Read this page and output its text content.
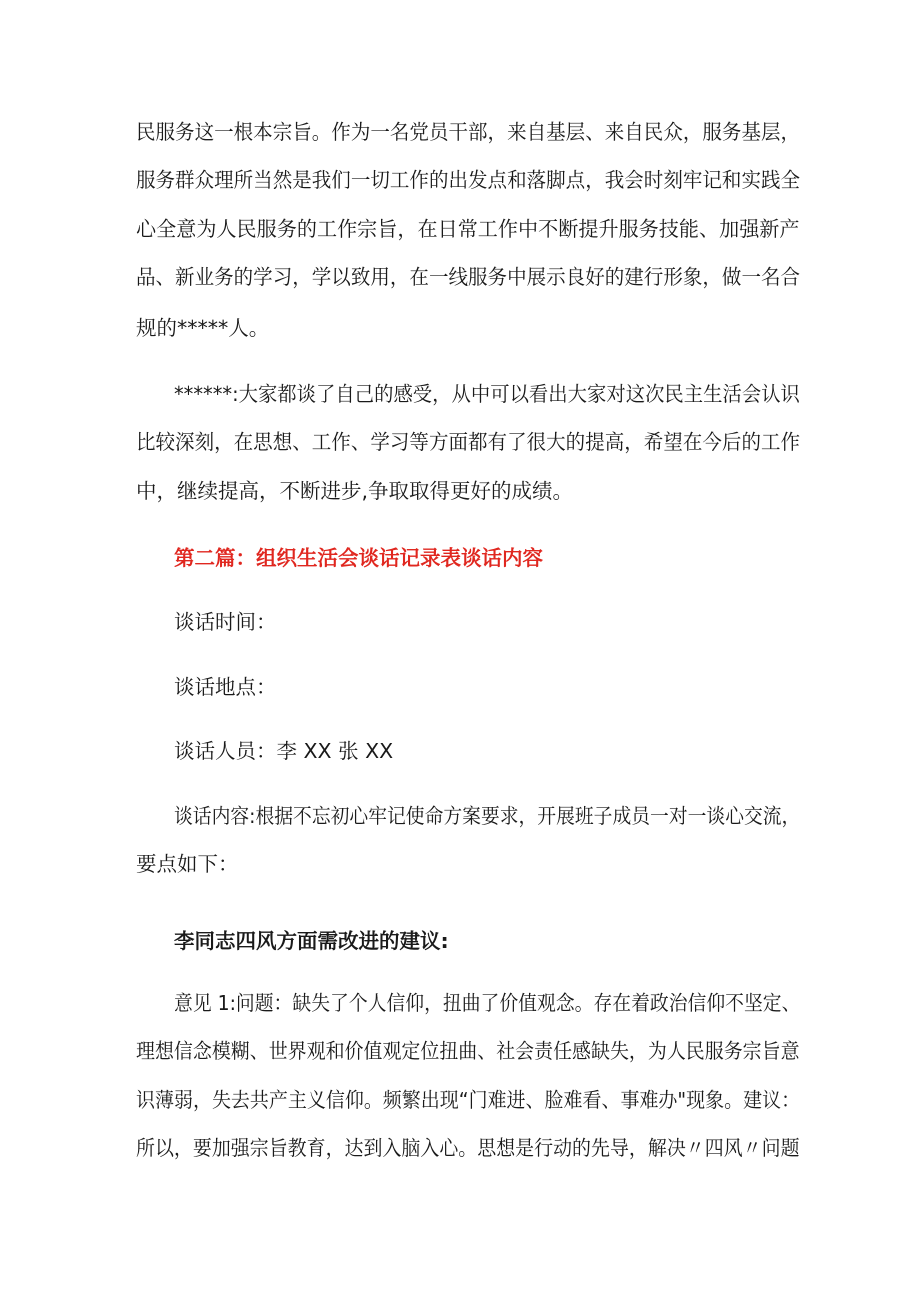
民服务这一根本宗旨。作为一名党员干部，来自基层、来自民众，服务基层，
服务群众理所当然是我们一切工作的出发点和落脚点，我会时刻牢记和实践全
心全意为人民服务的工作宗旨，在日常工作中不断提升服务技能、加强新产
品、新业务的学习，学以致用，在一线服务中展示良好的建行形象，做一名合
规的*****人。
******:大家都谈了自己的感受，从中可以看出大家对这次民主生活会认识
比较深刻，在思想、工作、学习等方面都有了很大的提高，希望在今后的工作
中，继续提高，不断进步,争取取得更好的成绩。
第二篇：组织生活会谈话记录表谈话内容
谈话时间：
谈话地点：
谈话人员：李 XX 张 XX
谈话内容:根据不忘初心牢记使命方案要求，开展班子成员一对一谈心交流，
要点如下：
李同志四风方面需改进的建议:
意见 1:问题：缺失了个人信仰，扭曲了价值观念。存在着政治信仰不坚定、
理想信念模糊、世界观和价值观定位扭曲、社会责任感缺失，为人民服务宗旨意
识薄弱，失去共产主义信仰。频繁出现“门难进、脸难看、事难办"现象。建议：
所以，要加强宗旨教育，达到入脑入心。思想是行动的先导，解决〃四风〃问题
